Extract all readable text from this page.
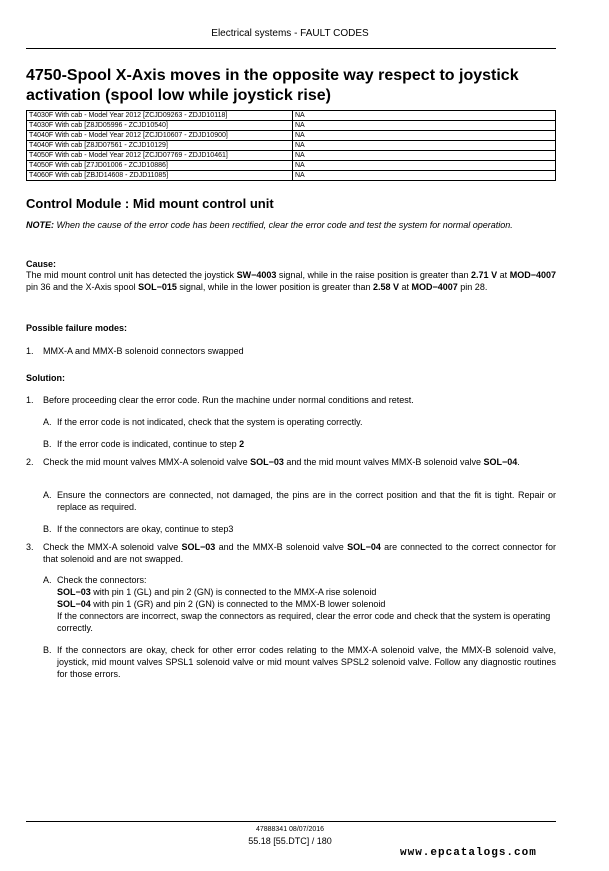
Electrical systems - FAULT CODES
4750-Spool X-Axis moves in the opposite way respect to joystick activation (spool low while joystick rise)
T4030F With cab - Model Year 2012 [ZCJD09263 - ZDJD10118]	NA
T4030F With cab [Z8JD05996 - ZCJD10540]	NA
T4040F With cab - Model Year 2012 [ZCJD10607 - ZDJD10900]	NA
T4040F With cab [Z8JD07561 - ZCJD10129]	NA
T4050F With cab - Model Year 2012 [ZCJD07769 - ZDJD10461]	NA
T4050F With cab [Z7JD01006 - ZCJD10886]	NA
T4060F With cab [ZBJD14608 - ZDJD11085]	NA
Control Module : Mid mount control unit
NOTE: When the cause of the error code has been rectified, clear the error code and test the system for normal operation.
Cause:
The mid mount control unit has detected the joystick SW−4003 signal, while in the raise position is greater than 2.71 V at MOD−4007 pin 36 and the X-Axis spool SOL−015 signal, while in the lower position is greater than 2.58 V at MOD−4007 pin 28.
Possible failure modes:
1. MMX-A and MMX-B solenoid connectors swapped
Solution:
1. Before proceeding clear the error code. Run the machine under normal conditions and retest.
A. If the error code is not indicated, check that the system is operating correctly.
B. If the error code is indicated, continue to step 2
2. Check the mid mount valves MMX-A solenoid valve SOL−03 and the mid mount valves MMX-B solenoid valve SOL−04.
A. Ensure the connectors are connected, not damaged, the pins are in the correct position and that the fit is tight. Repair or replace as required.
B. If the connectors are okay, continue to step3
3. Check the MMX-A solenoid valve SOL−03 and the MMX-B solenoid valve SOL−04 are connected to the correct connector for that solenoid and are not swapped.
A. Check the connectors:
SOL−03 with pin 1 (GL) and pin 2 (GN) is connected to the MMX-A rise solenoid
SOL−04 with pin 1 (GR) and pin 2 (GN) is connected to the MMX-B lower solenoid
If the connectors are incorrect, swap the connectors as required, clear the error code and check that the system is operating correctly.
B. If the connectors are okay, check for other error codes relating to the MMX-A solenoid valve, the MMX-B solenoid valve, joystick, mid mount valves SPSL1 solenoid valve or mid mount valves SPSL2 solenoid valve. Follow any diagnostic routines for those errors.
47888341 08/07/2016
55.18 [55.DTC] / 180
www.epcatalogs.com
